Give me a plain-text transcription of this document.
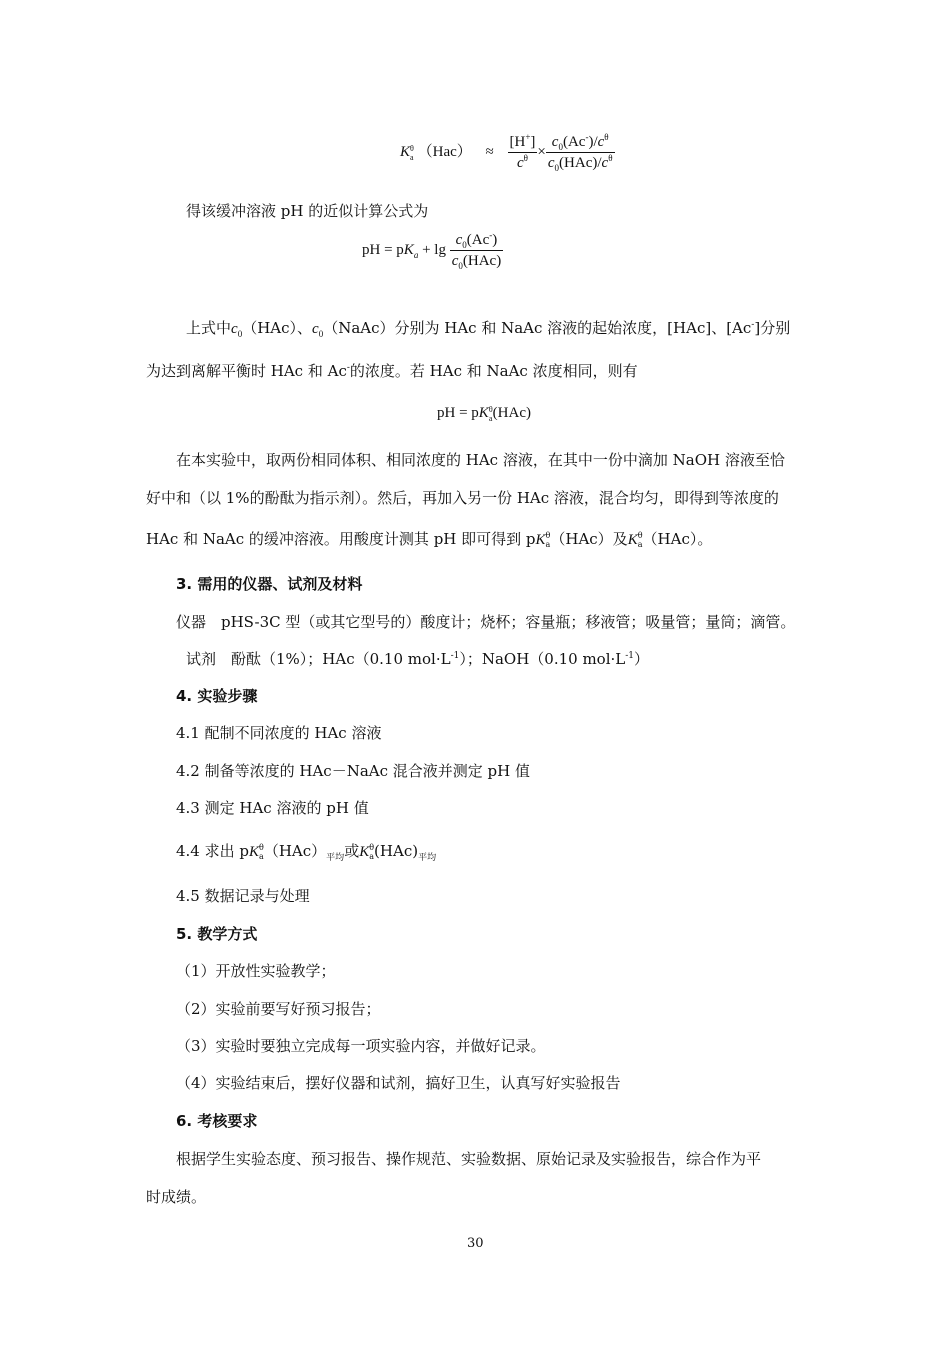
K θ
a $(Hac) \approx \frac{[H^+]}{c^\theta} \times \frac{c_0(Ac^-)/c^\theta}{c_0(HAc)/c^\theta}$
得该缓冲溶液 pH 的近似计算公式为
pH = $pK_a + \lg \frac{c_0(Ac^-)}{c_0(HAc)}$
上式中$c_0(HAc)$、$c_0(NaAc)$分别为 HAc 和 NaAc 溶液的起始浓度，[HAc]、[Ac-]分别
为达到离解平衡时 HAc 和 Ac-的浓度。若 HAc 和 NaAc 浓度相同，则有
pH = pK θ
a (HAc)
在本实验中，取两份相同体积、相同浓度的 HAc 溶液，在其中一份中滴加 NaOH 溶液至恰
好中和（以 1%的酚酞为指示剂）。然后，再加入另一份 HAc 溶液，混合均匀，即得到等浓度的
HAc 和 NaAc 的缓冲溶液。用酸度计测其 pH 即可得到 pK θ
a （HAc）及K θ
a （HAc）。
3. 需用的仪器、试剂及材料
仪器　pHS-3C 型（或其它型号的）酸度计；烧杯；容量瓶；移液管；吸量管；量筒；滴管。
试剂　酚酞（1%）；HAc（0.10 $mol\cdot L^{-1}$）；NaOH（0.10 $mol\cdot L^{-1}$）
4. 实验步骤
4.1 配制不同浓度的 HAc 溶液
4.2 制备等浓度的 HAc－NaAc 混合液并测定 pH 值
4.3 测定 HAc 溶液的 pH 值
4.4 求出 pK θ
a $(HAc)_{平均}$或K θ
a $(HAc)_{平均}$
4.5 数据记录与处理
5. 教学方式
（1）开放性实验教学；
（2）实验前要写好预习报告；
（3）实验时要独立完成每一项实验内容，并做好记录。
（4）实验结束后，摆好仪器和试剂，搞好卫生，认真写好实验报告
6. 考核要求
根据学生实验态度、预习报告、操作规范、实验数据、原始记录及实验报告，综合作为平
时成绩。
30
